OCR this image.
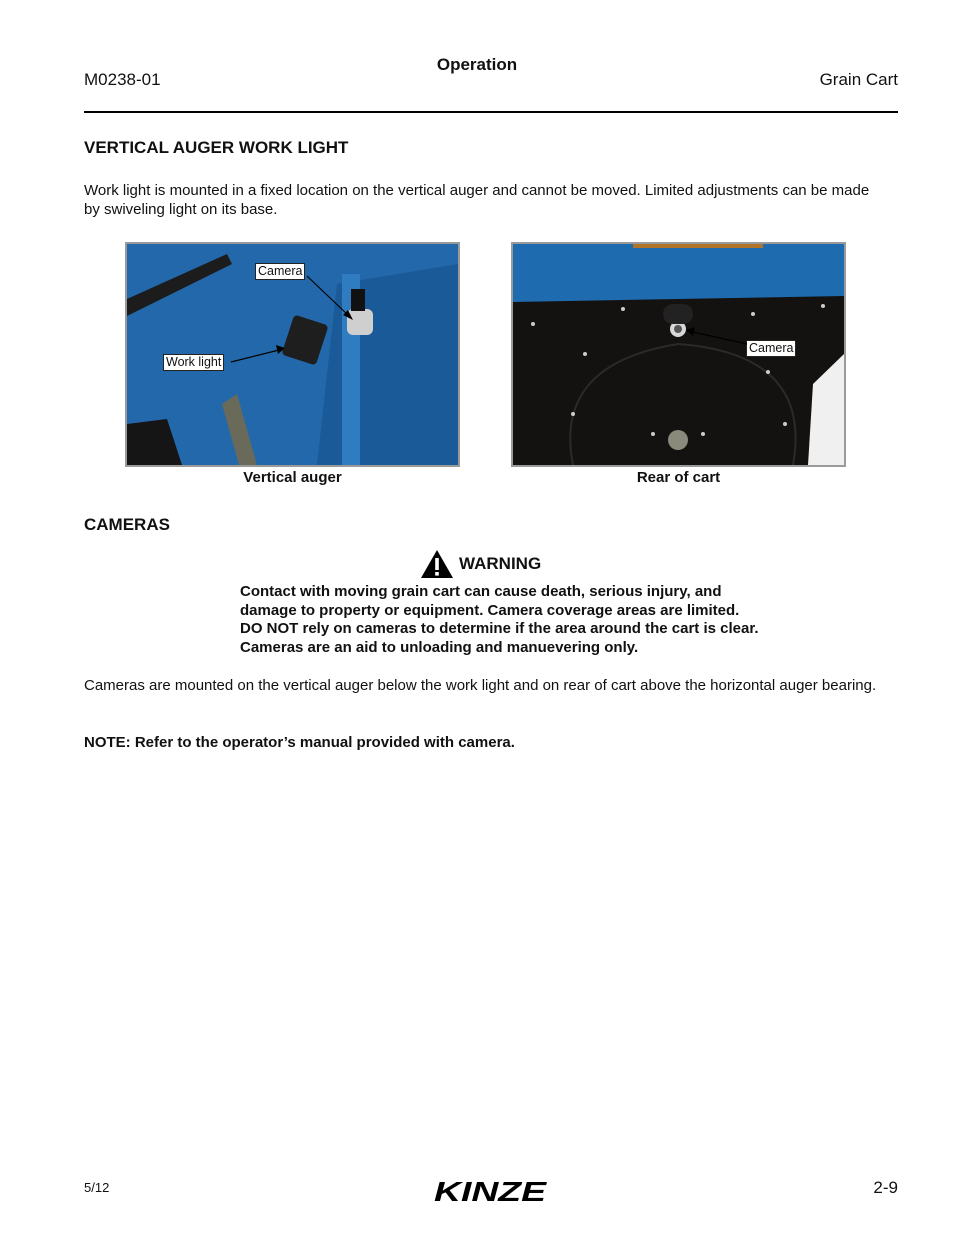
M0238-01
Operation
Grain Cart
VERTICAL AUGER WORK LIGHT
Work light is mounted in a fixed location on the vertical auger and cannot be moved. Limited adjustments can be made by swiveling light on its base.
Camera
Work light
Vertical auger
Camera
Rear of cart
CAMERAS
WARNING
Contact with moving grain cart can cause death, serious injury, and damage to property or equipment. Camera coverage areas are limited. DO NOT rely on cameras to determine if the area around the cart is clear. Cameras are an aid to unloading and manuevering only.
Cameras are mounted on the vertical auger below the work light and on rear of cart above the horizontal auger bearing.
NOTE: Refer to the operator’s manual provided with camera.
5/12	KINZE	2-9
